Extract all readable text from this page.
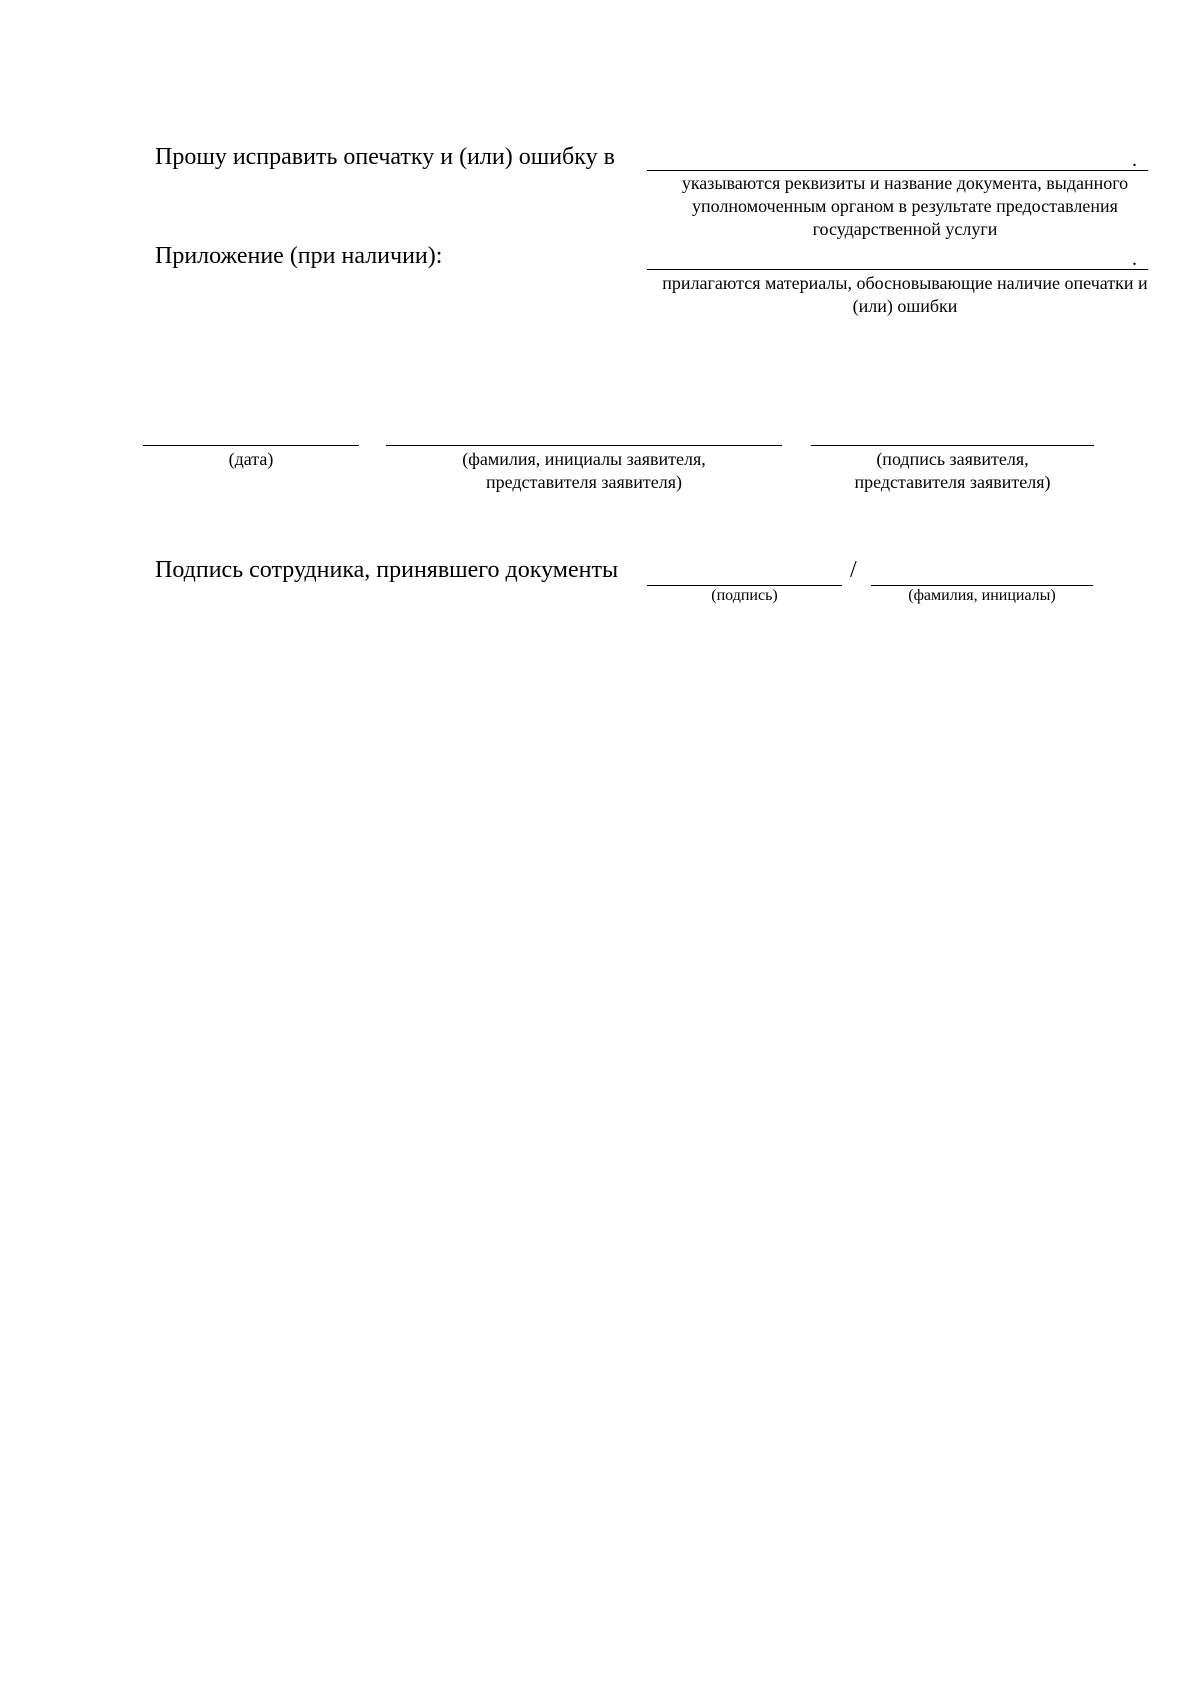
Прошу исправить опечатку и (или) ошибку в	.
указываются реквизиты и название документа, выданного уполномоченным органом в результате предоставления государственной услуги
Приложение (при наличии):	.
прилагаются материалы, обосновывающие наличие опечатки и (или) ошибки
(дата)	(фамилия, инициалы заявителя,
представителя заявителя)
(подпись заявителя,
представителя заявителя)
Подпись сотрудника, принявшего документы	/
(подпись)	(фамилия, инициалы)
